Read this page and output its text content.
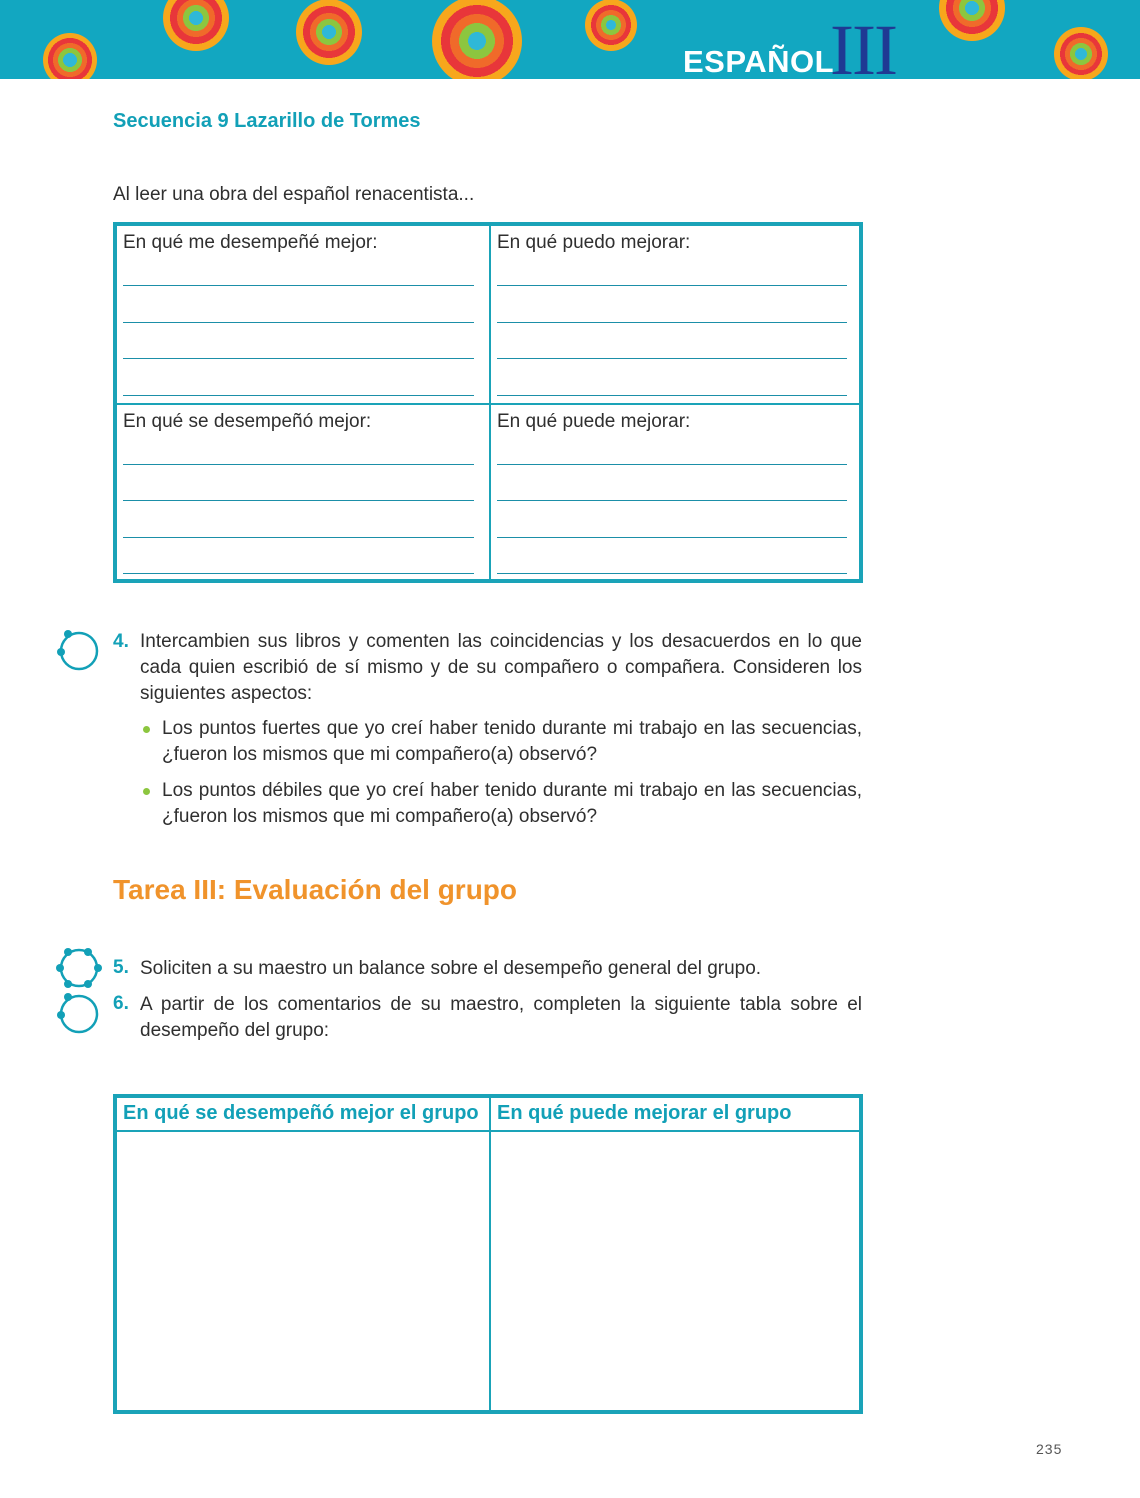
ESPAÑOL
III
Secuencia 9 Lazarillo de Tormes
Al leer una obra del español renacentista...
En qué me desempeñé mejor:	En qué puedo mejorar:
En qué se desempeñó mejor:	En qué puede mejorar:
4. Intercambien sus libros y comenten las coincidencias y los desacuerdos en lo que cada quien escribió de sí mismo y de su compañero o compañera. Consideren los siguientes aspectos:
Los puntos fuertes que yo creí haber tenido durante mi trabajo en las secuencias, ¿fueron los mismos que mi compañero(a) observó?
Los puntos débiles que yo creí haber tenido durante mi trabajo en las secuencias, ¿fueron los mismos que mi compañero(a) observó?
Tarea III: Evaluación del grupo
5. Soliciten a su maestro un balance sobre el desempeño general del grupo.
6. A partir de los comentarios de su maestro, completen la siguiente tabla sobre el desempeño del grupo:
En qué se desempeñó mejor el grupo En qué puede mejorar el grupo
235
